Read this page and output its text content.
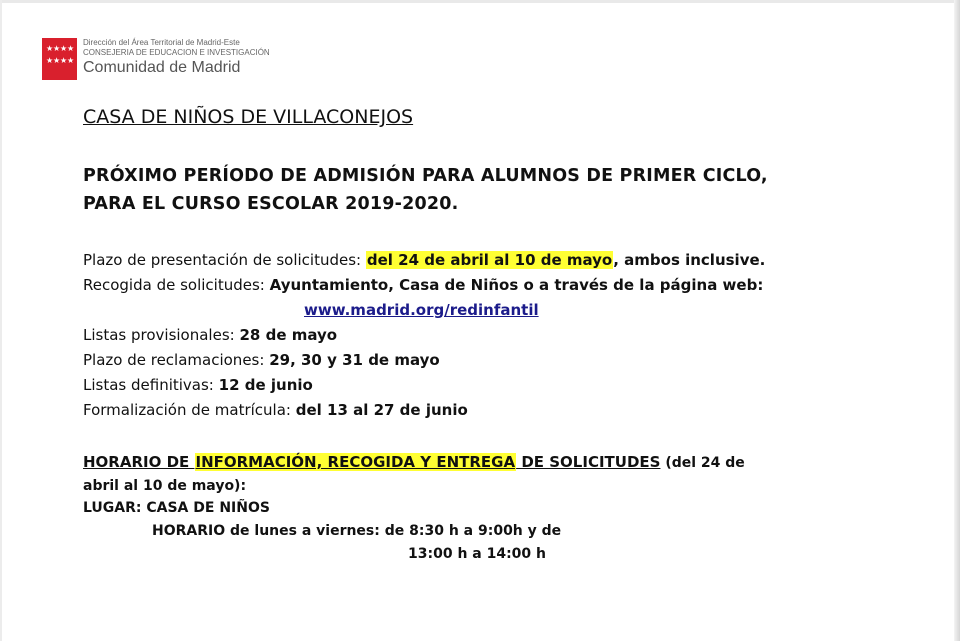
★ ★ ★ ★
★ ★ ★ ★
Dirección del Área Territorial de Madrid-Este
CONSEJERIA DE EDUCACION E INVESTIGACIÓN
Comunidad de Madrid
CASA DE NIÑOS DE VILLACONEJOS
PRÓXIMO PERÍODO DE ADMISIÓN PARA ALUMNOS DE PRIMER CICLO,
PARA EL CURSO ESCOLAR 2019-2020.
Plazo de presentación de solicitudes: del 24 de abril al 10 de mayo, ambos inclusive.
Recogida de solicitudes: Ayuntamiento, Casa de Niños o a través de la página web:
www.madrid.org/redinfantil
Listas provisionales: 28 de mayo
Plazo de reclamaciones: 29, 30 y 31 de mayo
Listas definitivas: 12 de junio
Formalización de matrícula: del 13 al 27 de junio
HORARIO DE INFORMACIÓN, RECOGIDA Y ENTREGA DE SOLICITUDES (del 24 de
abril al 10 de mayo):
LUGAR: CASA DE NIÑOS
HORARIO de lunes a viernes: de 8:30 h a 9:00h y de
13:00 h a 14:00 h
